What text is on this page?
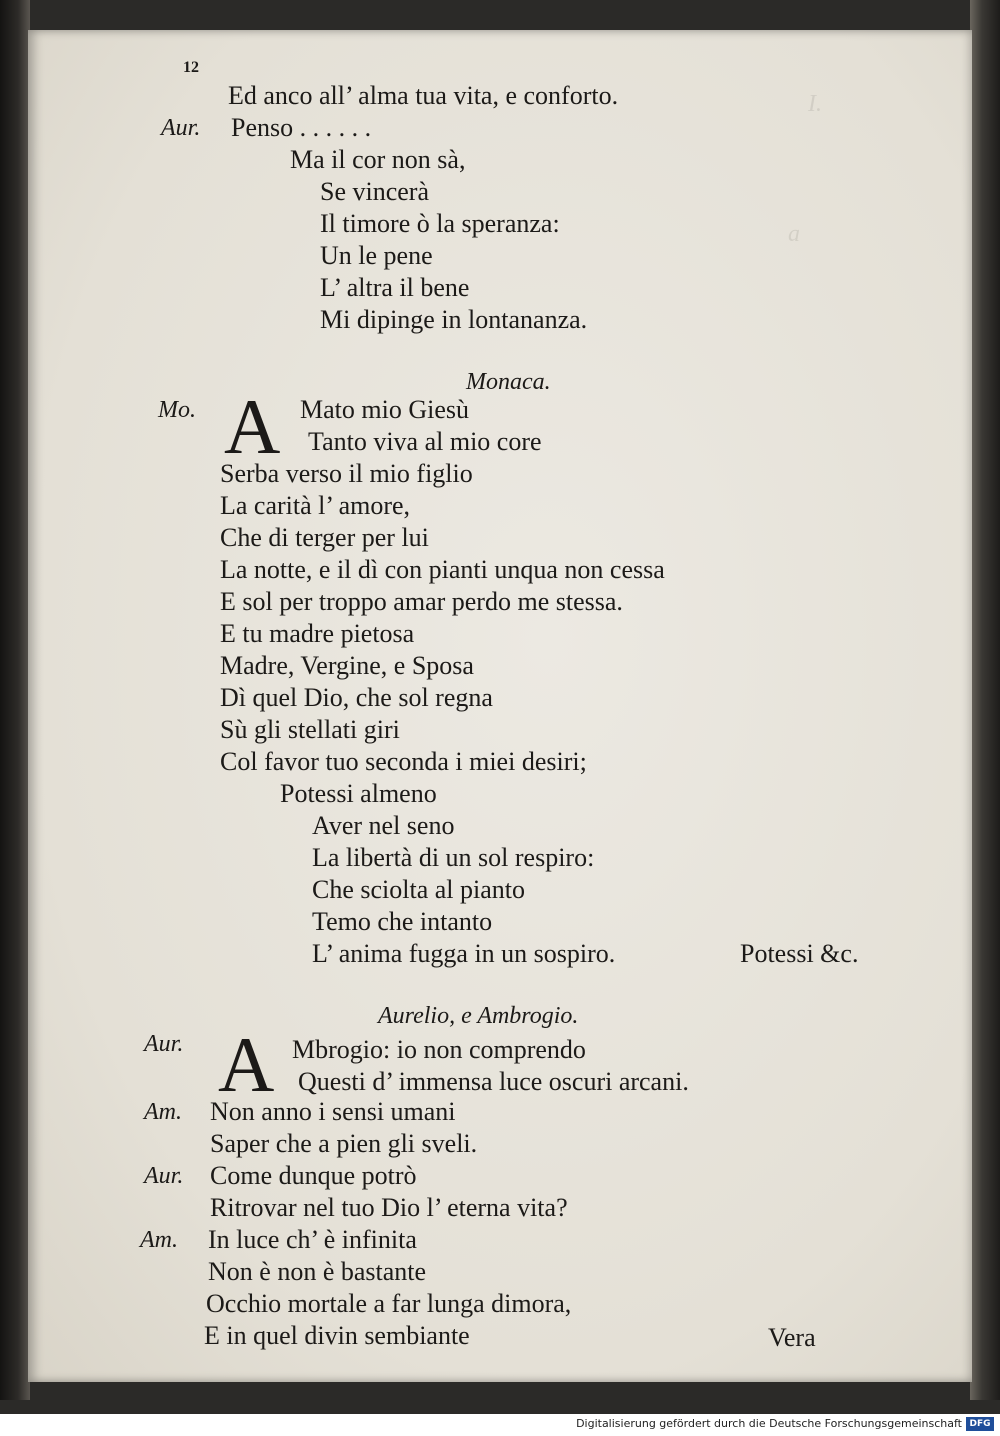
I.
a
12
Ed anco all’ alma tua vita, e conforto.
Aur. Penso . . . . . .
Ma il cor non sà,
Se vincerà
Il timore ò la speranza:
Un le pene
L’ altra il bene
Mi dipinge in lontananza.
Monaca.
Mo. A Mato mio Giesù
Tanto viva al mio core
Serba verso il mio figlio
La carità l’ amore,
Che di terger per lui
La notte, e il dì con pianti unqua non cessa
E sol per troppo amar perdo me stessa.
E tu madre pietosa
Madre, Vergine, e Sposa
Dì quel Dio, che sol regna
Sù gli stellati giri
Col favor tuo seconda i miei desiri;
Potessi almeno
Aver nel seno
La libertà di un sol respiro:
Che sciolta al pianto
Temo che intanto
L’ anima fugga in un sospiro.	Potessi &c.
Aurelio, e Ambrogio.
Aur. A Mbrogio: io non comprendo
Questi d’ immensa luce oscuri arcani.
Am. Non anno i sensi umani
Saper che a pien gli sveli.
Aur. Come dunque potrò
Ritrovar nel tuo Dio l’ eterna vita?
Am. In luce ch’ è infinita
Non è non è bastante
Occhio mortale a far lunga dimora,
E in quel divin sembiante	Vera
Digitalisierung gefördert durch die Deutsche Forschungsgemeinschaft DFG
